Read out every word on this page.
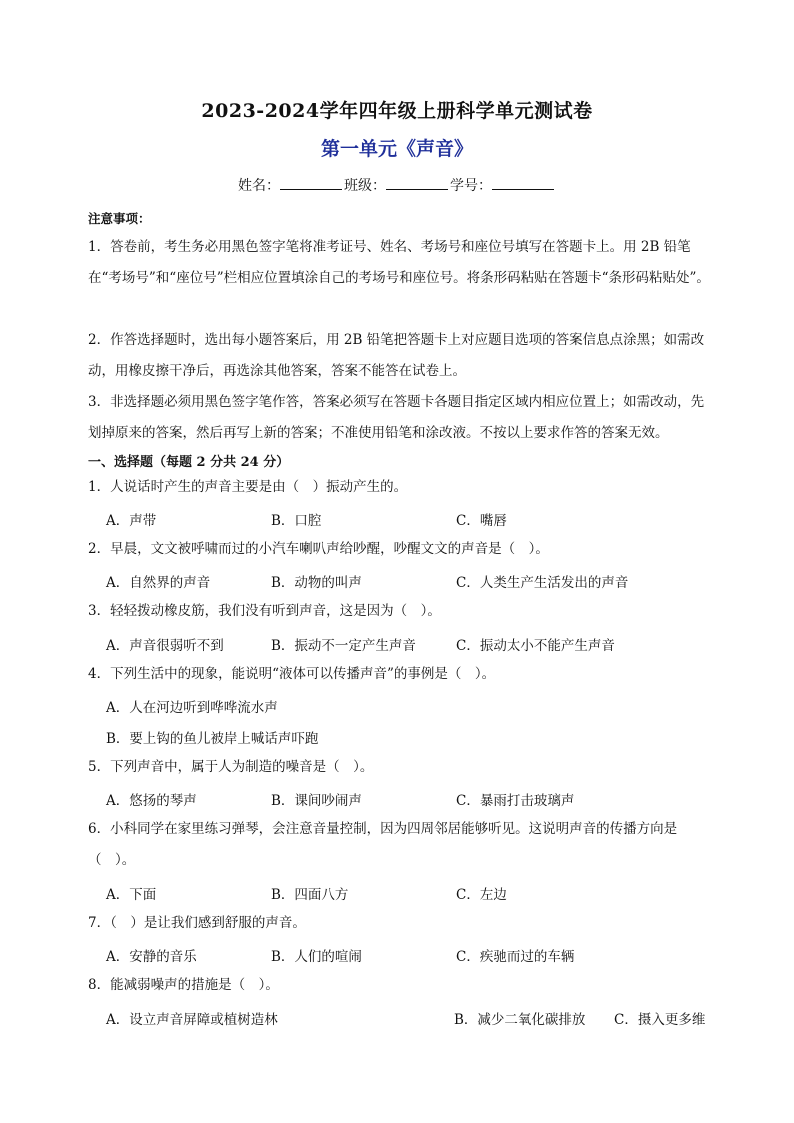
2023-2024学年四年级上册科学单元测试卷
第一单元《声音》
姓名：	班级：	学号：
注意事项：

1．答卷前，考生务必用黑色签字笔将准考证号、姓名、考场号和座位号填写在答题卡上。用 2B 铅笔在“考场号”和“座位号”栏相应位置填涂自己的考场号和座位号。将条形码粘贴在答题卡“条形码粘贴处”。

2．作答选择题时，选出每小题答案后，用 2B 铅笔把答题卡上对应题目选项的答案信息点涂黑；如需改动，用橡皮擦干净后，再选涂其他答案，答案不能答在试卷上。

3．非选择题必须用黑色签字笔作答，答案必须写在答题卡各题目指定区域内相应位置上；如需改动，先划掉原来的答案，然后再写上新的答案；不准使用铅笔和涂改液。不按以上要求作答的答案无效。

一、选择题（每题 2 分共 24 分）
1．人说话时产生的声音主要是由（　）振动产生的。
A．声带	B．口腔	C．嘴唇
2．早晨，文文被呼啸而过的小汽车喇叭声给吵醒，吵醒文文的声音是（　）。
A．自然界的声音	B．动物的叫声	C．人类生产生活发出的声音
3．轻轻拨动橡皮筋，我们没有听到声音，这是因为（　）。
A．声音很弱听不到	B．振动不一定产生声音	C．振动太小不能产生声音
4．下列生活中的现象，能说明“液体可以传播声音”的事例是（　）。
A．人在河边听到哗哗流水声
B．要上钩的鱼儿被岸上喊话声吓跑
5．下列声音中，属于人为制造的噪音是（　）。
A．悠扬的琴声	B．课间吵闹声	C．暴雨打击玻璃声
6．小科同学在家里练习弹琴，会注意音量控制，因为四周邻居能够听见。这说明声音的传播方向是（　）。
A．下面	B．四面八方	C．左边
7．（　）是让我们感到舒服的声音。
A．安静的音乐	B．人们的喧闹	C．疾驰而过的车辆
8．能减弱噪声的措施是（　）。
A．设立声音屏障或植树造林	B．减少二氧化碳排放 C．摄入更多维
